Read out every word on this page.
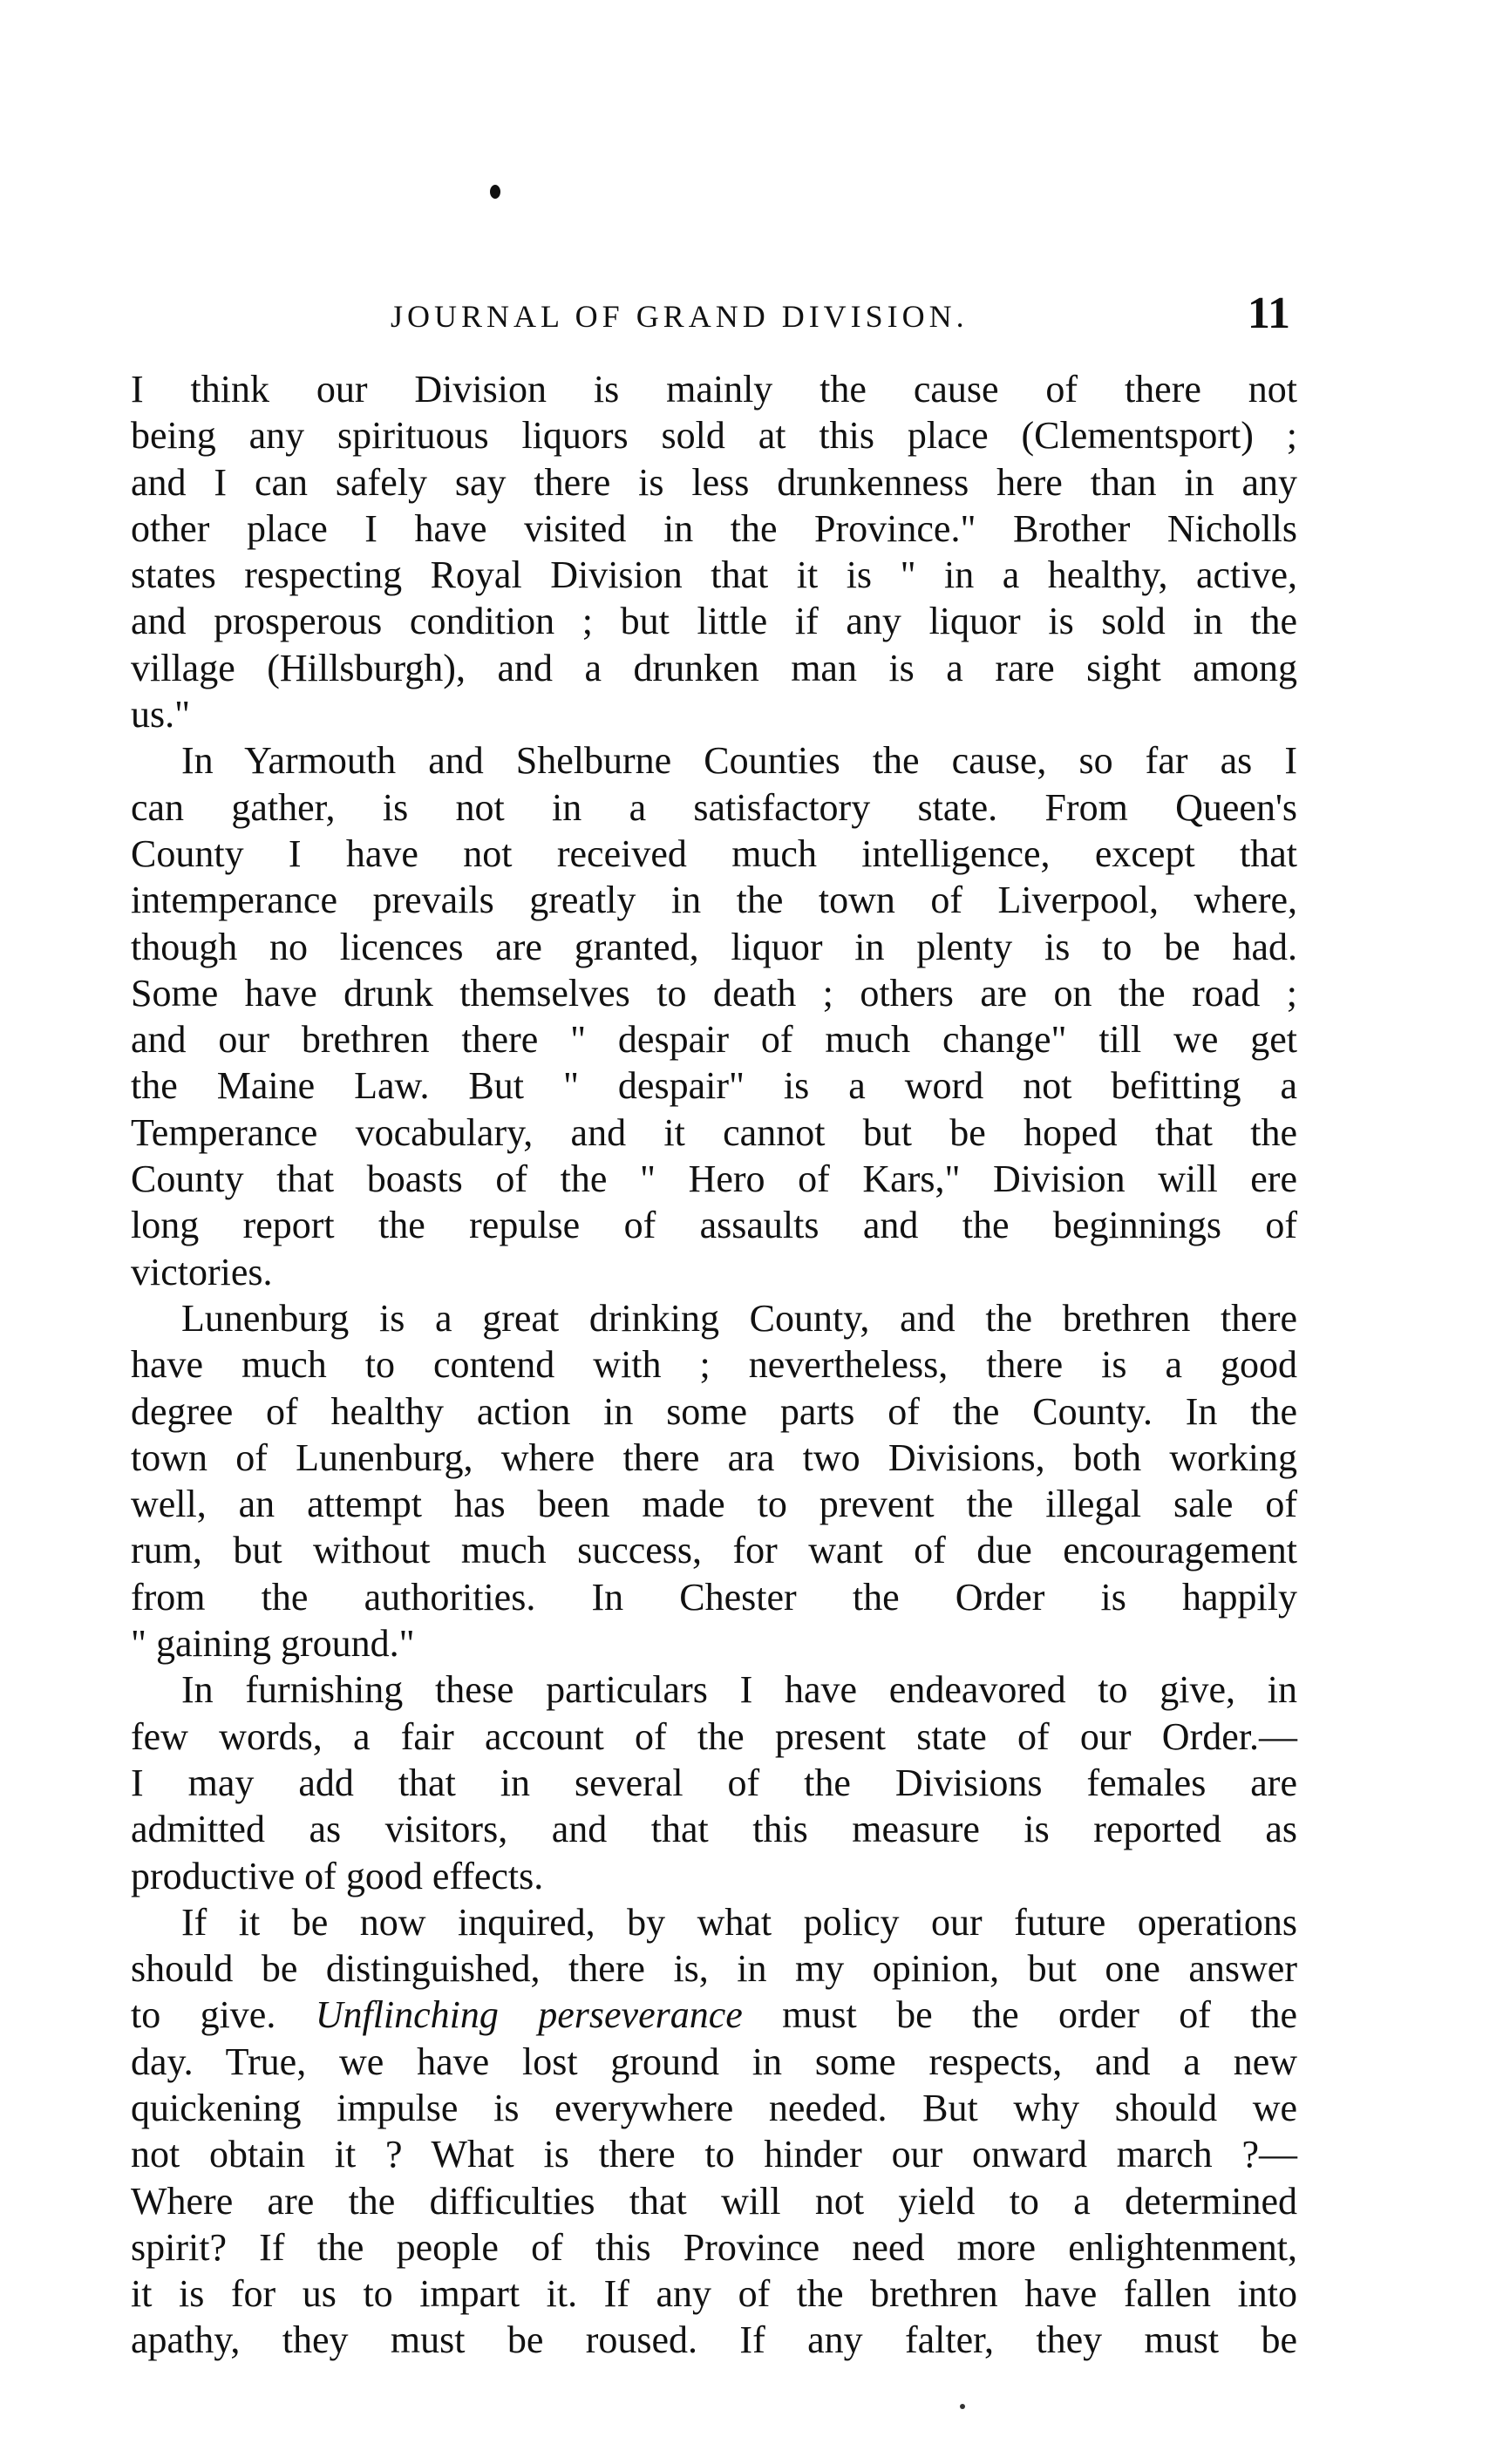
JOURNAL OF GRAND DIVISION.	11
I think our Division is mainly the cause of there not
being any spirituous liquors sold at this place (Clementsport) ;
and I can safely say there is less drunkenness here than in any
other place I have visited in the Province." Brother Nicholls
states respecting Royal Division that it is " in a healthy, active,
and prosperous condition ; but little if any liquor is sold in the
village (Hillsburgh), and a drunken man is a rare sight among
us."
In Yarmouth and Shelburne Counties the cause, so far as I
can gather, is not in a satisfactory state. From Queen's
County I have not received much intelligence, except that
intemperance prevails greatly in the town of Liverpool, where,
though no licences are granted, liquor in plenty is to be had.
Some have drunk themselves to death ; others are on the road ;
and our brethren there " despair of much change" till we get
the Maine Law. But " despair" is a word not befitting a
Temperance vocabulary, and it cannot but be hoped that the
County that boasts of the " Hero of Kars," Division will ere
long report the repulse of assaults and the beginnings of
victories.
Lunenburg is a great drinking County, and the brethren there
have much to contend with ; nevertheless, there is a good
degree of healthy action in some parts of the County. In the
town of Lunenburg, where there ara two Divisions, both working
well, an attempt has been made to prevent the illegal sale of
rum, but without much success, for want of due encouragement
from the authorities. In Chester the Order is happily
" gaining ground."
In furnishing these particulars I have endeavored to give, in
few words, a fair account of the present state of our Order.—
I may add that in several of the Divisions females are
admitted as visitors, and that this measure is reported as
productive of good effects.
If it be now inquired, by what policy our future operations
should be distinguished, there is, in my opinion, but one answer
to give. Unflinching perseverance must be the order of the
day. True, we have lost ground in some respects, and a new
quickening impulse is everywhere needed. But why should we
not obtain it ? What is there to hinder our onward march ?—
Where are the difficulties that will not yield to a determined
spirit? If the people of this Province need more enlightenment,
it is for us to impart it. If any of the brethren have fallen into
apathy, they must be roused. If any falter, they must be
